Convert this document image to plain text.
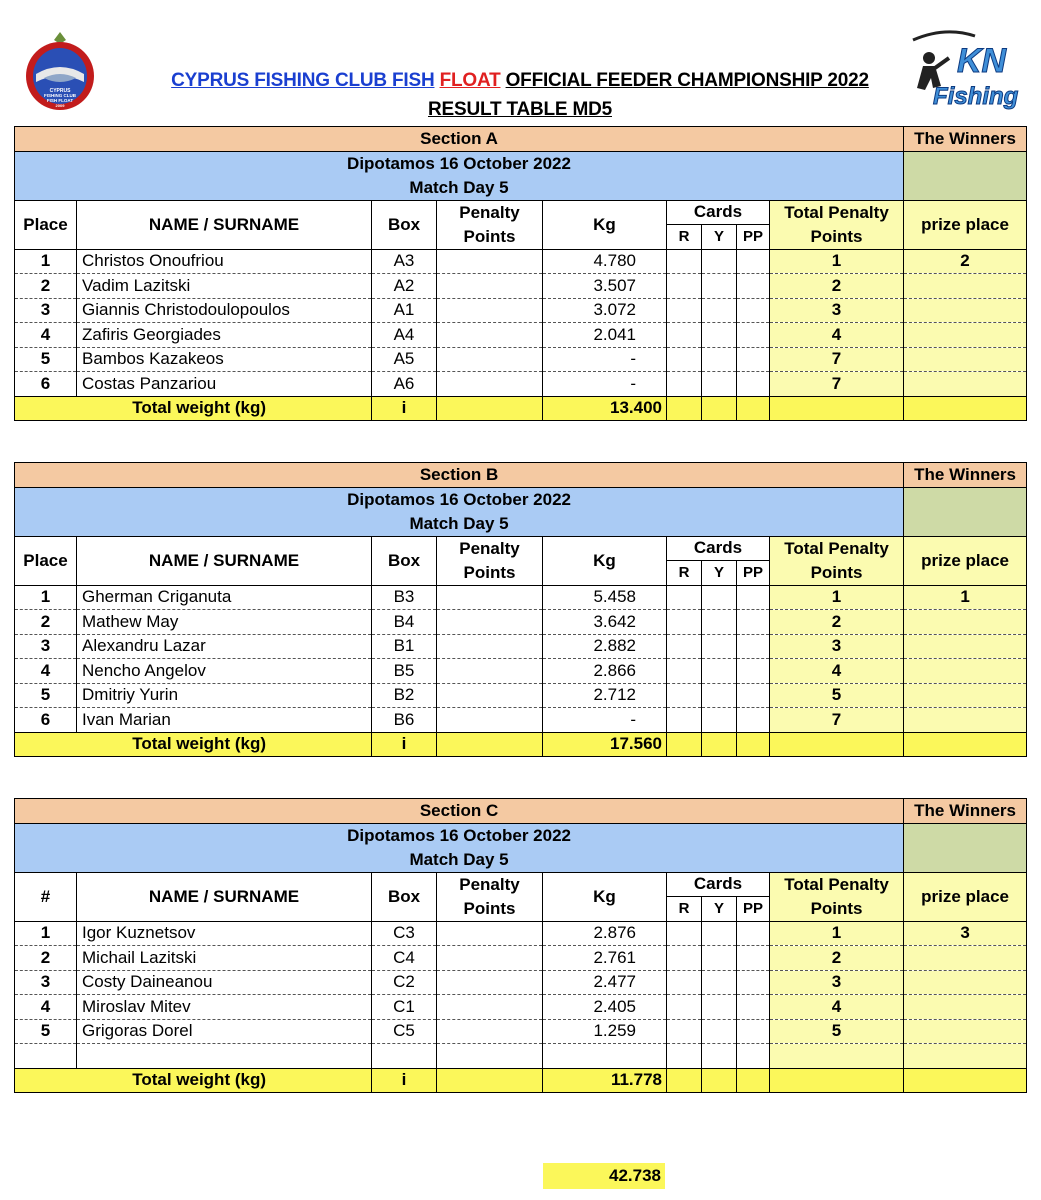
CYPRUS
FISHING CLUB
FISH FLOAT
2009
KN
Fishing
CYPRUS FISHING CLUB FISH FLOAT OFFICIAL FEEDER CHAMPIONSHIP 2022
RESULT TABLE MD5
Section A									The Winners
Dipotamos 16 October 2022									
Match Day 5									
Place	NAME / SURNAME	Box	Penalty	Kg	Cards			Total Penalty	prize place
			Points		R	Y	PP	Points	
1	Christos Onoufriou	A3		4.780				1	2
2	Vadim Lazitski	A2		3.507				2	
3	Giannis Christodoulopoulos	A1		3.072				3	
4	Zafiris Georgiades	A4		2.041				4	
5	Bambos Kazakeos	A5		-				7	
6	Costas Panzariou	A6		-				7	
Total weight (kg)		i		13.400					
Section B									The Winners
Dipotamos 16 October 2022									
Match Day 5									
Place	NAME / SURNAME	Box	Penalty	Kg	Cards			Total Penalty	prize place
			Points		R	Y	PP	Points	
1	Gherman Criganuta	B3		5.458				1	1
2	Mathew May	B4		3.642				2	
3	Alexandru Lazar	B1		2.882				3	
4	Nencho Angelov	B5		2.866				4	
5	Dmitriy Yurin	B2		2.712				5	
6	Ivan Marian	B6		-				7	
Total weight (kg)		i		17.560					
Section C									The Winners
Dipotamos 16 October 2022									
Match Day 5									
#	NAME / SURNAME	Box	Penalty	Kg	Cards			Total Penalty	prize place
			Points		R	Y	PP	Points	
1	Igor Kuznetsov	C3		2.876				1	3
2	Michail Lazitski	C4		2.761				2	
3	Costy Daineanou	C2		2.477				3	
4	Miroslav Mitev	C1		2.405				4	
5	Grigoras Dorel	C5		1.259				5	

Total weight (kg)		i		11.778					
42.738
